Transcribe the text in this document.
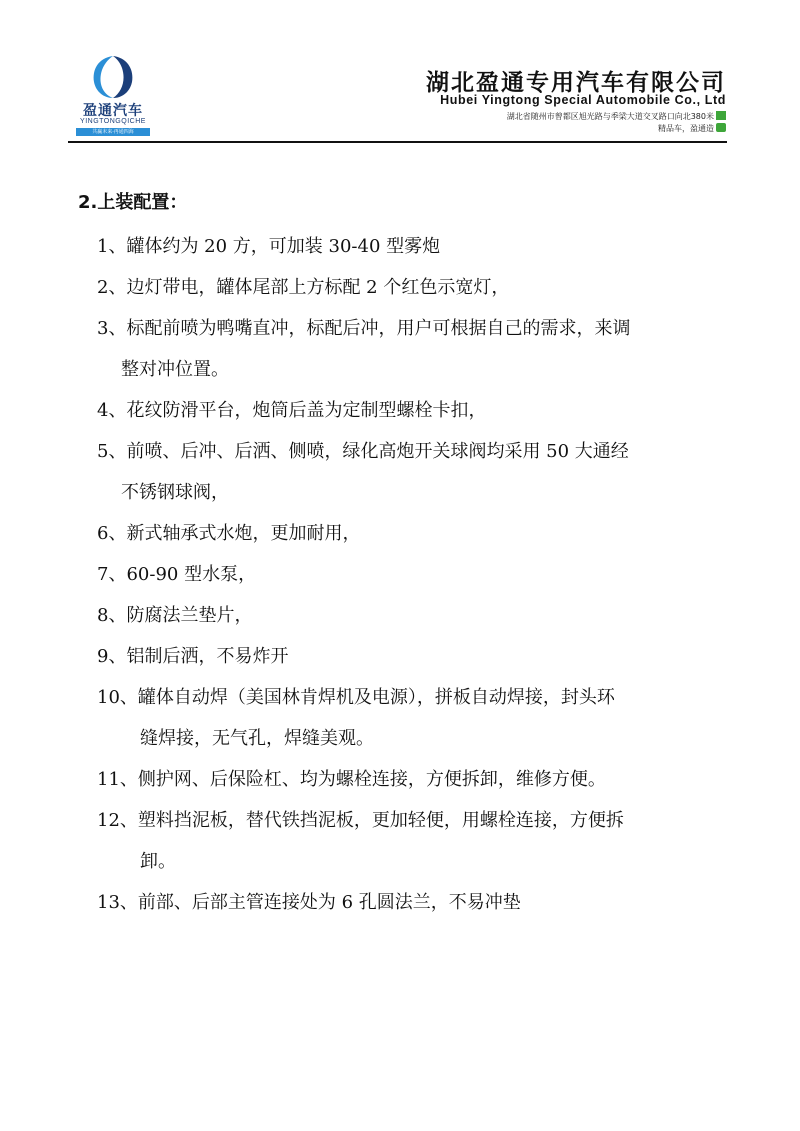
盈通汽车
YINGTONGQICHE
共赢未来·再通四海
湖北盈通专用汽车有限公司
Hubei Yingtong Special Automobile Co., Ltd
湖北省随州市曾都区旭光路与季梁大道交叉路口向北380米
精品车，盈通造
2.上装配置：
1、罐体约为 20 方，可加装 30-40 型雾炮
2、边灯带电，罐体尾部上方标配 2 个红色示宽灯，
3、标配前喷为鸭嘴直冲，标配后冲，用户可根据自己的需求，来调
整对冲位置。
4、花纹防滑平台，炮筒后盖为定制型螺栓卡扣，
5、前喷、后冲、后洒、侧喷，绿化高炮开关球阀均采用 50 大通经
不锈钢球阀，
6、新式轴承式水炮，更加耐用，
7、60-90 型水泵，
8、防腐法兰垫片，
9、铝制后洒，不易炸开
10、罐体自动焊（美国林肯焊机及电源），拼板自动焊接，封头环
缝焊接，无气孔，焊缝美观。
11、侧护网、后保险杠、均为螺栓连接，方便拆卸，维修方便。
12、塑料挡泥板，替代铁挡泥板，更加轻便，用螺栓连接，方便拆
卸。
13、前部、后部主管连接处为 6 孔圆法兰，不易冲垫
